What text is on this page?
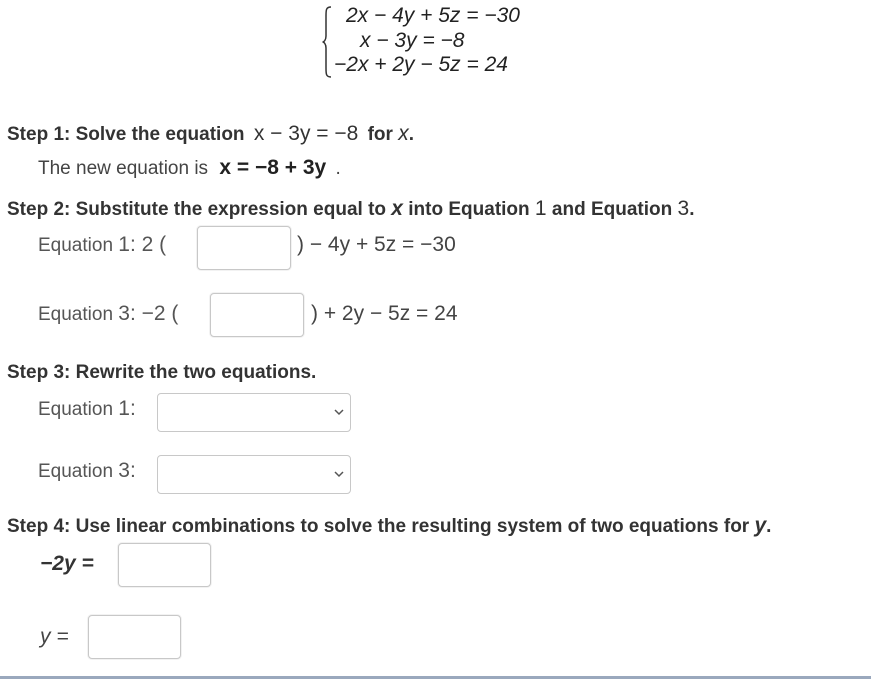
2x − 4y + 5z = −30
x − 3y = −8
−2x + 2y − 5z = 24
Step 1: Solve the equation x − 3y = −8 for x.
The new equation is x = −8 + 3y .
Step 2: Substitute the expression equal to x into Equation 1 and Equation 3.
Equation 1: 2 (	) − 4y + 5z = −30
Equation 3: −2 (	) + 2y − 5z = 24
Step 3: Rewrite the two equations.
Equation 1:
Equation 3:
Step 4: Use linear combinations to solve the resulting system of two equations for y.
−2y =
y =
